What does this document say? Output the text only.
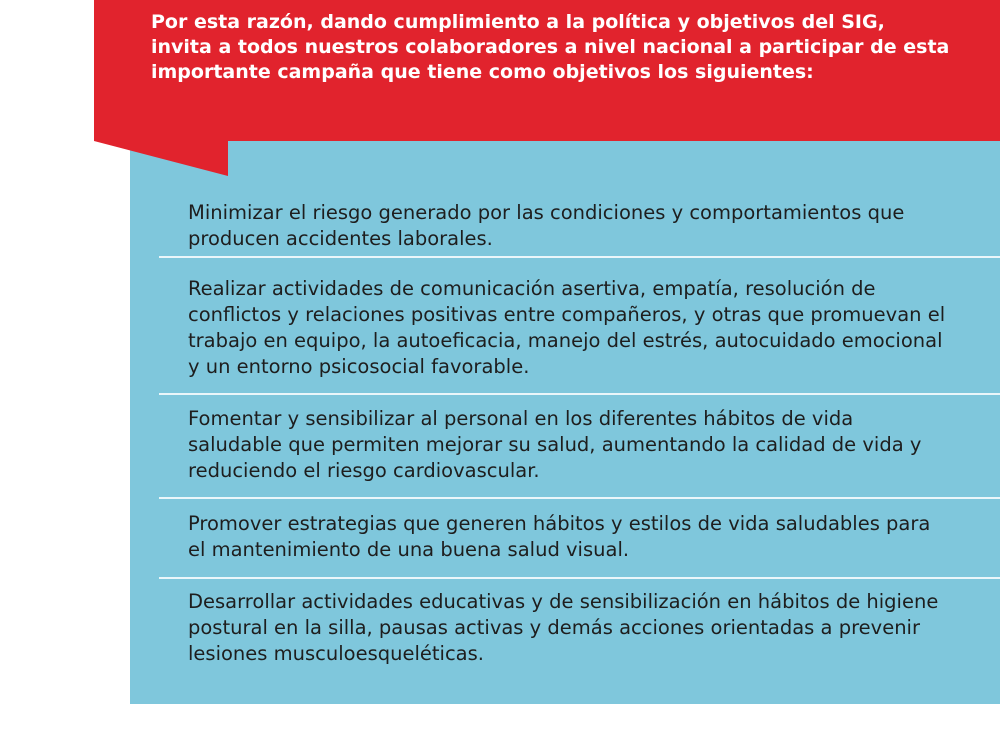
Por esta razón, dando cumplimiento a la política y objetivos del SIG, invita a todos nuestros colaboradores a nivel nacional a participar de esta importante campaña que tiene como objetivos los siguientes:

Minimizar el riesgo generado por las condiciones y comportamientos que producen accidentes laborales.
Realizar actividades de comunicación asertiva, empatía, resolución de conflictos y relaciones positivas entre compañeros, y otras que promuevan el trabajo en equipo, la autoeficacia, manejo del estrés, autocuidado emocional y un entorno psicosocial favorable.
Fomentar y sensibilizar al personal en los diferentes hábitos de vida saludable que permiten mejorar su salud, aumentando la calidad de vida y reduciendo el riesgo cardiovascular.
Promover estrategias que generen hábitos y estilos de vida saludables para el mantenimiento de una buena salud visual.
Desarrollar actividades educativas y de sensibilización en hábitos de higiene postural en la silla, pausas activas y demás acciones orientadas a prevenir lesiones musculoesqueléticas.
